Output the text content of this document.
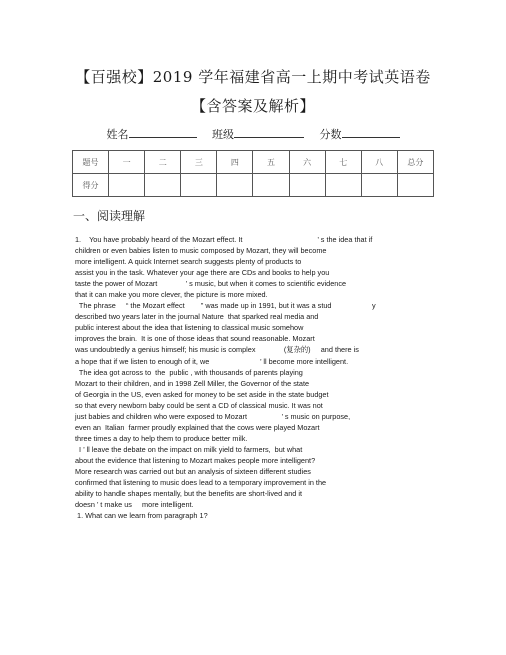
【百强校】2019 学年福建省高一上期中考试英语卷
【含答案及解析】
姓名	班级	分数
题号	一	二	三	四	五	六	七	八	总分
得分									
一、阅读理解
1.    You have probably heard of the Mozart effect. It                                     ’ s the idea that if
children or even babies listen to music composed by Mozart, they will become
more intelligent. A quick Internet search suggests plenty of products to
assist you in the task. Whatever your age there are CDs and books to help you
taste the power of Mozart              ’ s music, but when it comes to scientific evidence
that it can make you more clever, the picture is more mixed.
The phrase     “ the Mozart effect        ” was made up in 1991, but it was a stud                    y
described two years later in the journal Nature  that sparked real media and
public interest about the idea that listening to classical music somehow
improves the brain.  It is one of those ideas that sound reasonable. Mozart
was undoubtedly a genius himself; his music is complex              (复杂的)     and there is
a hope that if we listen to enough of it, we                         ’ ll become more intelligent.
The idea got across to  the  public , with thousands of parents playing
Mozart to their children, and in 1998 Zell Miller, the Governor of the state
of Georgia in the US, even asked for money to be set aside in the state budget
so that every newborn baby could be sent a CD of classical music. It was not
just babies and children who were exposed to Mozart                 ’ s music on purpose,
even an  Italian  farmer proudly explained that the cows were played Mozart
three times a day to help them to produce better milk.
I ’ ll leave the debate on the impact on milk yield to farmers,  but what
about the evidence that listening to Mozart makes people more intelligent?
More research was carried out but an analysis of sixteen different studies
confirmed that listening to music does lead to a temporary improvement in the
ability to handle shapes mentally, but the benefits are short-lived and it
doesn ’ t make us     more intelligent.
1. What can we learn from paragraph 1?
